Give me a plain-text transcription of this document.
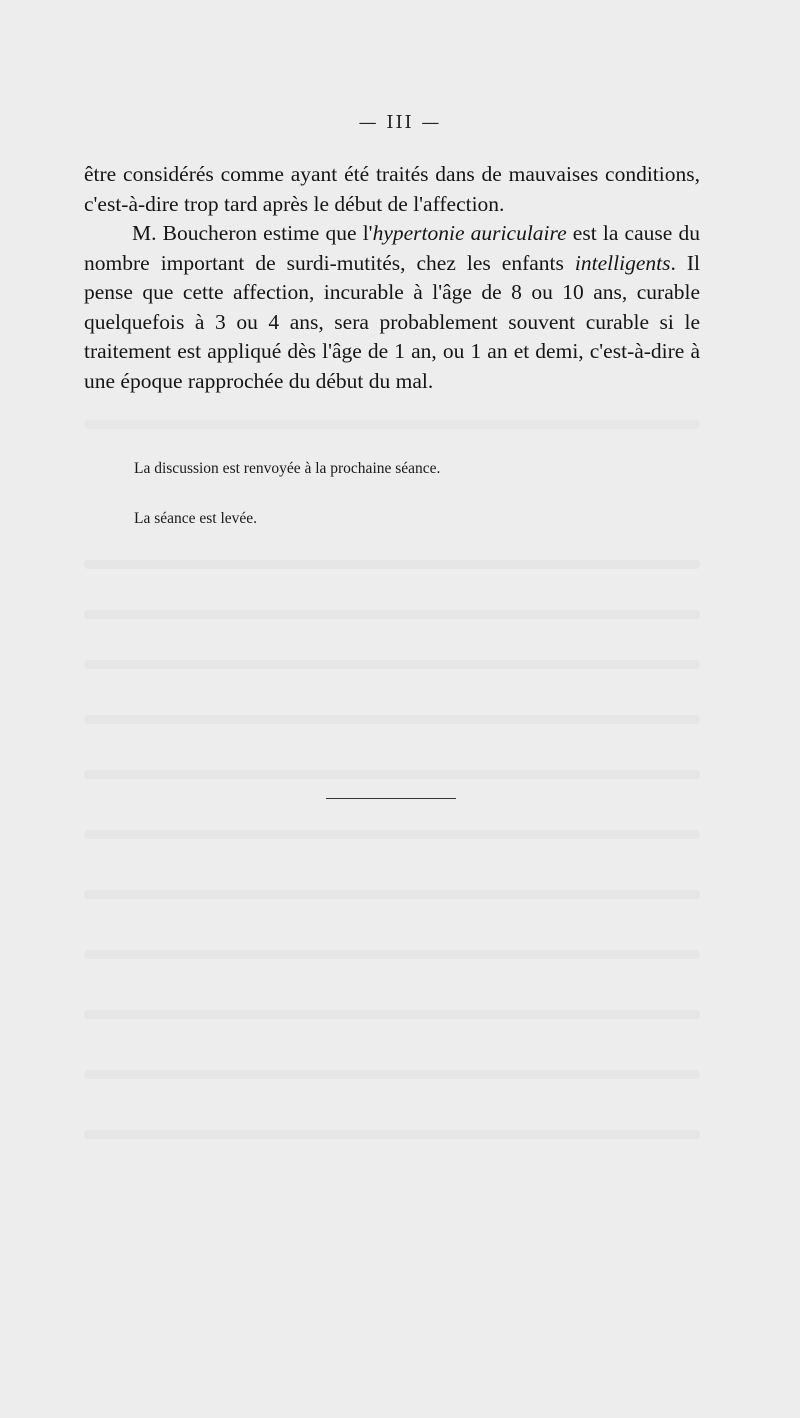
— III —

être considérés comme ayant été traités dans de mauvaises conditions, c'est-à-dire trop tard après le début de l'affection.

M. Boucheron estime que l'hypertonie auriculaire est la cause du nombre important de surdi-mutités, chez les enfants intelligents. Il pense que cette affection, incurable à l'âge de 8 ou 10 ans, curable quelquefois à 3 ou 4 ans, sera probablement souvent curable si le traitement est appliqué dès l'âge de 1 an, ou 1 an et demi, c'est-à-dire à une époque rapprochée du début du mal.

La discussion est renvoyée à la prochaine séance.
La séance est levée.
